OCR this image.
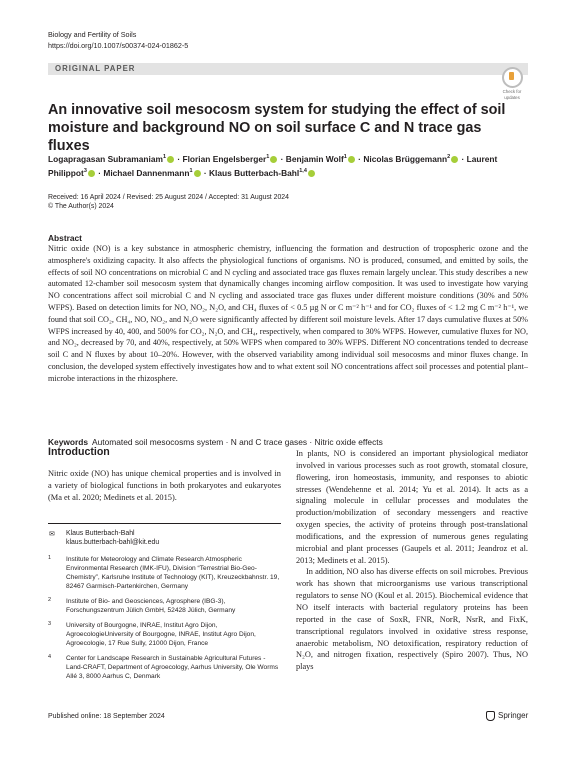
Biology and Fertility of Soils
https://doi.org/10.1007/s00374-024-01862-5
ORIGINAL PAPER
Check for
updates
An innovative soil mesocosm system for studying the effect of soil moisture and background NO on soil surface C and N trace gas fluxes
Logapragasan Subramaniam$^1$ · Florian Engelsberger$^1$ · Benjamin Wolf$^1$ · Nicolas Brüggemann$^2$ · Laurent Philippot$^3$ · Michael Dannenmann$^1$ · Klaus Butterbach-Bahl$^{1,4}$
Received: 16 April 2024 / Revised: 25 August 2024 / Accepted: 31 August 2024
© The Author(s) 2024
Abstract
Nitric oxide (NO) is a key substance in atmospheric chemistry, influencing the formation and destruction of tropospheric ozone and the atmosphere's oxidizing capacity. It also affects the physiological functions of organisms. NO is produced, consumed, and emitted by soils, the effects of soil NO concentrations on microbial C and N cycling and associated trace gas fluxes remain largely unclear. This study describes a new automated 12-chamber soil mesocosm system that dynamically changes incoming airflow composition. It was used to investigate how varying NO concentrations affect soil microbial C and N cycling and associated trace gas fluxes under different moisture conditions (30% and 50% WFPS). Based on detection limits for NO, NO₂, N₂O, and CH₄ fluxes of < 0.5 µg N or C m⁻² h⁻¹ and for CO₂ fluxes of < 1.2 mg C m⁻² h⁻¹, we found that soil CO₂, CH₄, NO, NO₂, and N₂O were significantly affected by different soil moisture levels. After 17 days cumulative fluxes at 50% WFPS increased by 40, 400, and 500% for CO₂, N₂O, and CH₄, respectively, when compared to 30% WFPS. However, cumulative fluxes for NO, and NO₂, decreased by 70, and 40%, respectively, at 50% WFPS when compared to 30% WFPS. Different NO concentrations tended to decrease soil C and N fluxes by about 10–20%. However, with the observed variability among individual soil mesocosms and minor fluxes change. In conclusion, the developed system effectively investigates how and to what extent soil NO concentrations affect soil processes and potential plant–microbe interactions in the rhizosphere.
Keywords Automated soil mesocosms system · N and C trace gases · Nitric oxide effects
Introduction
Nitric oxide (NO) has unique chemical properties and is involved in a variety of biological functions in both prokaryotes and eukaryotes (Ma et al. 2020; Medinets et al. 2015).
✉ Klaus Butterbach-Bahl
klaus.butterbach-bahl@kit.edu
1 Institute for Meteorology and Climate Research Atmospheric Environmental Research (IMK-IFU), Division “Terrestrial Bio-Geo-Chemistry”, Karlsruhe Institute of Technology (KIT), Kreuzeckbahnstr. 19, 82467 Garmisch-Partenkirchen, Germany
2 Institute of Bio- and Geosciences, Agrosphere (IBG-3), Forschungszentrum Jülich GmbH, 52428 Jülich, Germany
3 University of Bourgogne, INRAE, Institut Agro Dijon, AgroecologieUniversity of Bourgogne, INRAE, Institut Agro Dijon, Agroecologie, 17 Rue Sully, 21000 Dijon, France
4 Center for Landscape Research in Sustainable Agricultural Futures - Land-CRAFT, Department of Agroecology, Aarhus University, Ole Worms Allé 3, 8000 Aarhus C, Denmark

In plants, NO is considered an important physiological mediator involved in various processes such as root growth, stomatal closure, flowering, iron homeostasis, immunity, and responses to abiotic stresses (Wendehenne et al. 2014; Yu et al. 2014). It acts as a signaling molecule in cellular processes and modulates the production/mobilization of secondary messengers and reactive oxygen species, the activity of proteins through post-translational modifications, and the expression of numerous genes regulating microbial and plant processes (Gaupels et al. 2011; Jeandroz et al. 2013; Medinets et al. 2015).

In addition, NO also has diverse effects on soil microbes. Previous work has shown that microorganisms use various transcriptional regulators to sense NO (Koul et al. 2015). Biochemical evidence that NO itself interacts with bacterial regulatory proteins has been reported in the case of SoxR, FNR, NorR, NsrR, and FixK, transcriptional regulators involved in oxidative stress response, anaerobic metabolism, NO detoxification, respiratory reduction of N₂O, and nitrogen fixation, respectively (Spiro 2007). Thus, NO plays

Published online: 18 September 2024	Springer
